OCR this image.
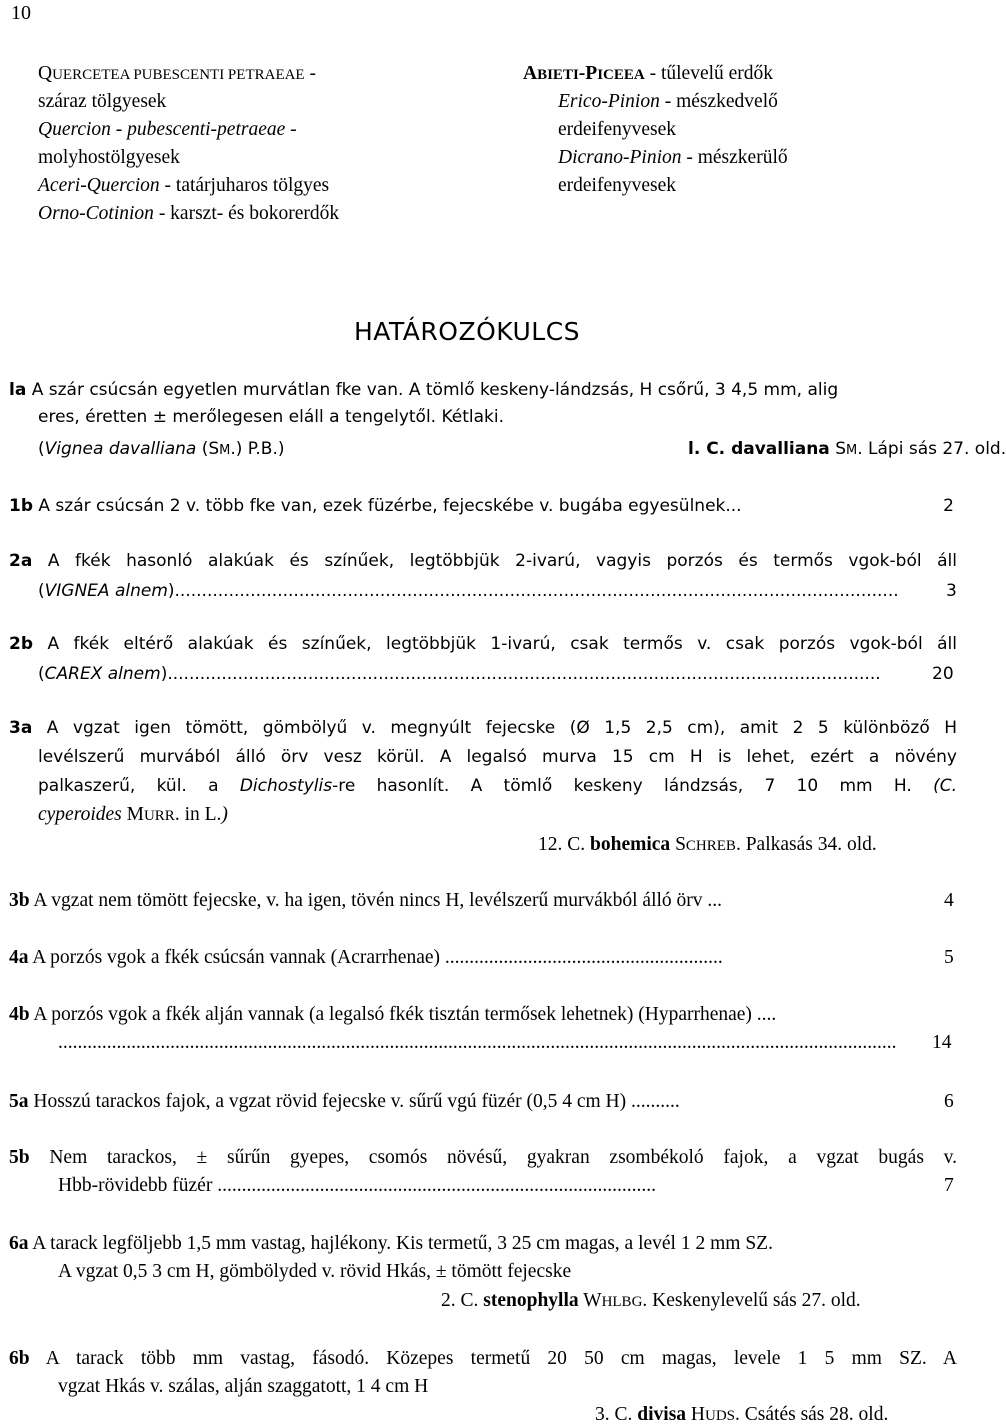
10
QUERCETEA PUBESCENTI PETRAEAE -
száraz tölgyesek
Quercion - pubescenti-petraeae -
molyhostölgyesek
Aceri-Quercion - tatárjuharos tölgyes
Orno-Cotinion - karszt- és bokorerdők
ABIETI-PICEEA - tűlevelű erdők
Erico-Pinion - mészkedvelő
erdeifenyvesek
Dicrano-Pinion - mészkerülő
erdeifenyvesek
HATÁROZÓKULCS
la A szár csúcsán egyetlen murvátlan fke van. A tömlő keskeny-lándzsás, H csőrű, 3 4,5 mm, alig
eres, éretten ± merőlegesen eláll a tengelytől. Kétlaki.
(Vignea davalliana (SM.) P.B.)	l. C. davalliana SM. Lápi sás 27. old.
1b A szár csúcsán 2 v. több fke van, ezek füzérbe, fejecskébe v. bugába egyesülnek...	2
2a A fkék hasonló alakúak és színűek, legtöbbjük 2-ivarú, vagyis porzós és termős vgok-ból áll
(VIGNEA alnem)......................................................................................................................................	3
2b A fkék eltérő alakúak és színűek, legtöbbjük 1-ivarú, csak termős v. csak porzós vgok-ból áll
(CAREX alnem)....................................................................................................................................	20
3a A vgzat igen tömött, gömbölyű v. megnyúlt fejecske (Ø 1,5 2,5 cm), amit 2 5 különböző H
levélszerű murvából álló örv vesz körül. A legalsó murva 15 cm H is lehet, ezért a növény
palkaszerű, kül. a Dichostylis-re hasonlít. A tömlő keskeny lándzsás, 7 10 mm H. (C.
cyperoides MURR. in L.)
12. C. bohemica SCHREB. Palkasás 34. old.
3b A vgzat nem tömött fejecske, v. ha igen, tövén nincs H, levélszerű murvákból álló örv ...	4
4a A porzós vgok a fkék csúcsán vannak (Acrarrhenae) .........................................................	5
4b A porzós vgok a fkék alján vannak (a legalsó fkék tisztán termősek lehetnek) (Hyparrhenae) ....
............................................................................................................................................................................	14
5a Hosszú tarackos fajok, a vgzat rövid fejecske v. sűrű vgú füzér (0,5 4 cm H) ..........	6
5b Nem tarackos, ± sűrűn gyepes, csomós növésű, gyakran zsombékoló fajok, a vgzat bugás v.
Hbb-rövidebb füzér ..........................................................................................	7
6a A tarack legföljebb 1,5 mm vastag, hajlékony. Kis termetű, 3 25 cm magas, a levél 1 2 mm SZ.
A vgzat 0,5 3 cm H, gömbölyded v. rövid Hkás, ± tömött fejecske
2. C. stenophylla WHLBG. Keskenylevelű sás 27. old.
6b A tarack több mm vastag, fásodó. Közepes termetű 20 50 cm magas, levele 1 5 mm SZ. A
vgzat Hkás v. szálas, alján szaggatott, 1 4 cm H
3. C. divisa HUDS. Csátés sás 28. old.
